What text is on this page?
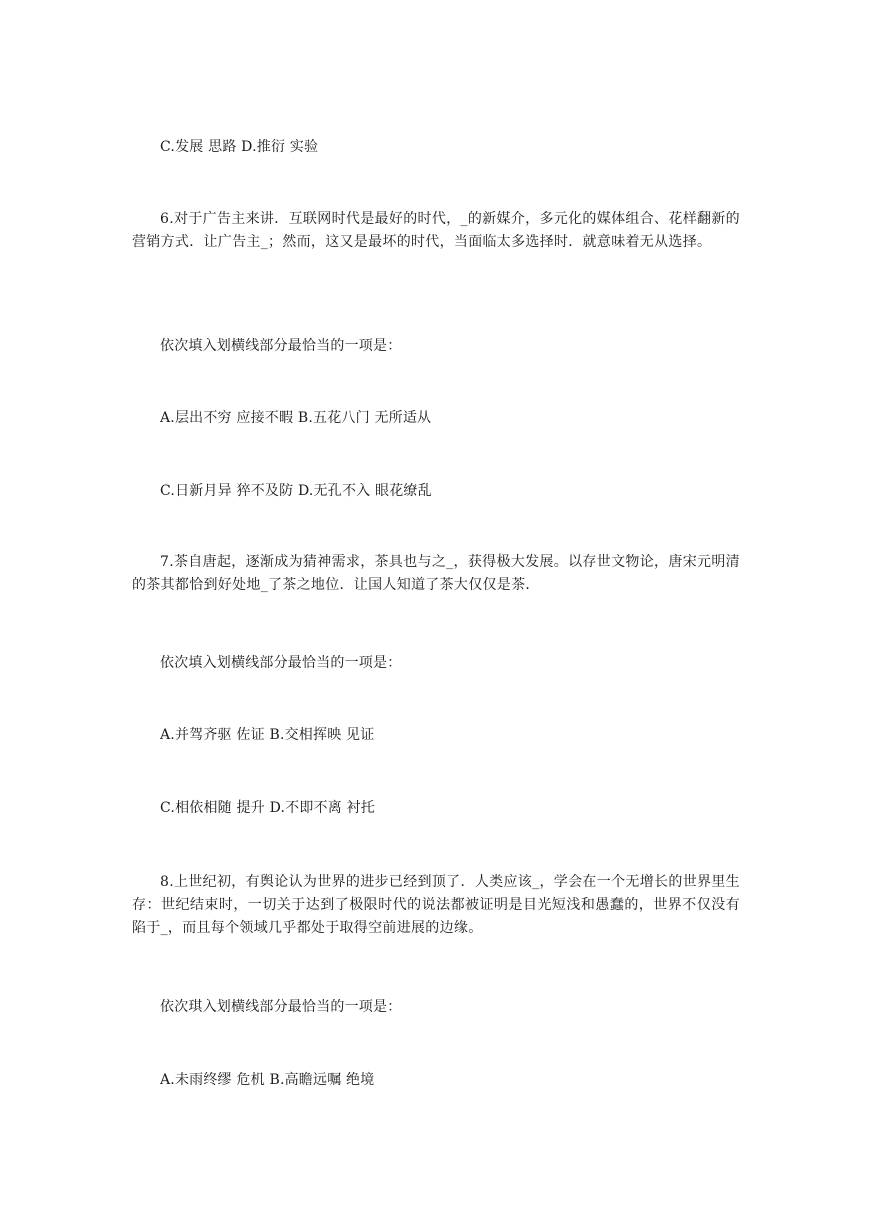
C.发展 思路 D.推衍 实验
6.对于广告主来讲．互联网时代是最好的时代，_的新媒介，多元化的媒体组合、花样翻新的营销方式．让广告主_；然而，这又是最坏的时代，当面临太多选择时．就意味着无从选择。
依次填入划横线部分最恰当的一项是：
A.层出不穷 应接不暇 B.五花八门 无所适从
C.日新月异 猝不及防 D.无孔不入 眼花缭乱
7.茶自唐起，逐渐成为猜神需求，茶具也与之_，获得极大发展。以存世文物论，唐宋元明清的茶其都恰到好处地_了茶之地位．让国人知道了茶大仅仅是茶．
依次填入划横线部分最恰当的一项是：
A.并驾齐驱 佐证 B.交相挥映 见证
C.相依相随 提升 D.不即不离 衬托
8.上世纪初，有舆论认为世界的进步已经到顶了．人类应该_，学会在一个无增长的世界里生存：世纪结束时，一切关于达到了极限时代的说法都被证明是目光短浅和愚蠢的，世界不仅没有陷于_，而且每个领域几乎都处于取得空前进展的边缘。
依次琪入划横线部分最恰当的一项是：
A.未雨终缪 危机 B.高瞻远嘱 绝境
